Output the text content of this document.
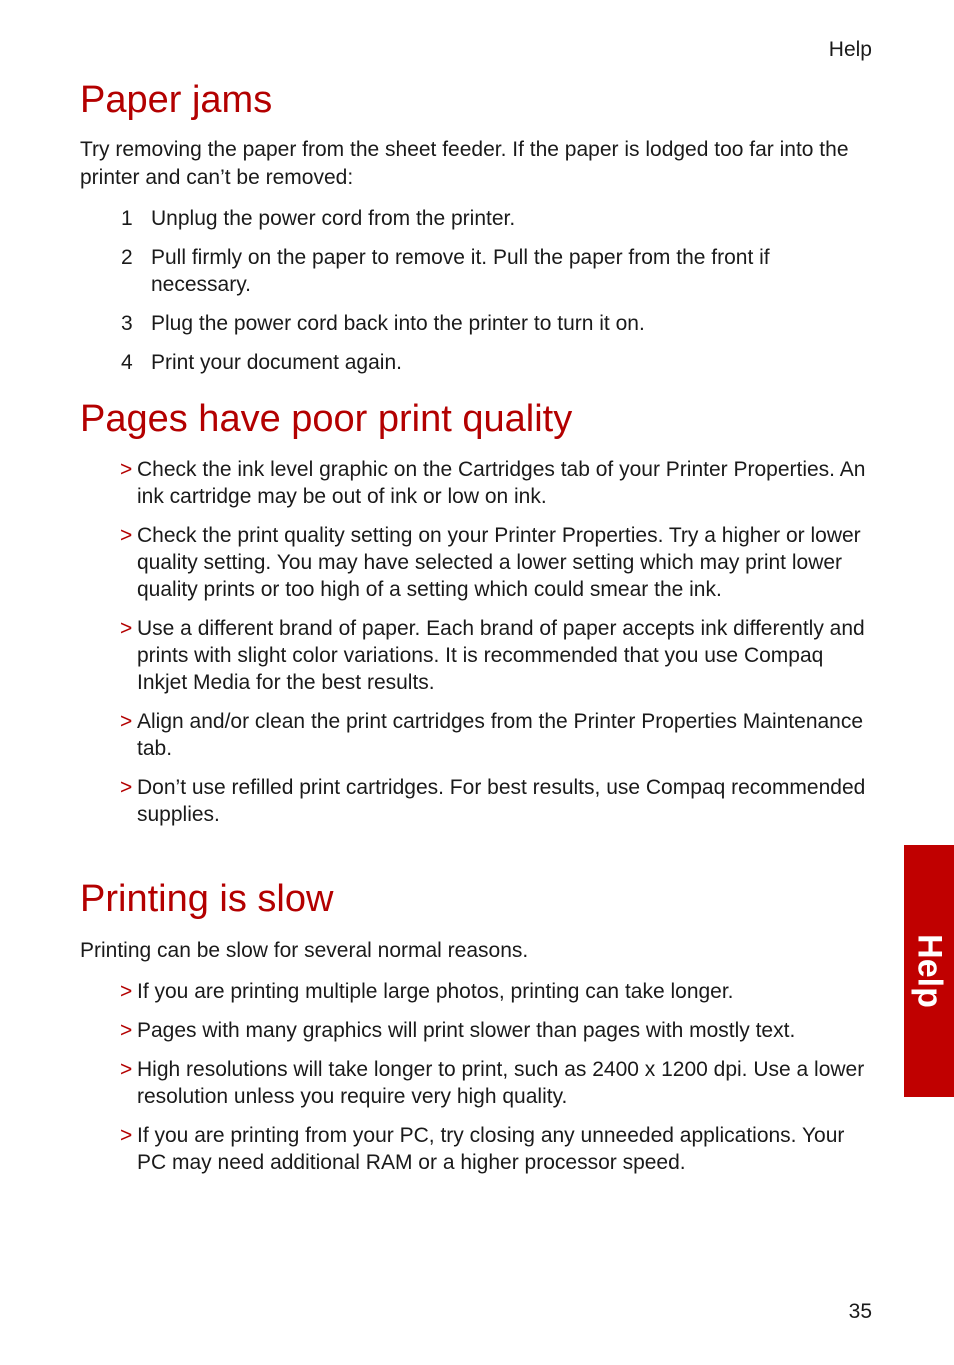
Help
Paper jams

Try removing the paper from the sheet feeder. If the paper is lodged too far into the printer and can’t be removed:

1 Unplug the power cord from the printer.
2 Pull firmly on the paper to remove it. Pull the paper from the front if necessary.
3 Plug the power cord back into the printer to turn it on.
4 Print your document again.
Pages have poor print quality
> Check the ink level graphic on the Cartridges tab of your Printer Properties. An ink cartridge may be out of ink or low on ink.
> Check the print quality setting on your Printer Properties. Try a higher or lower quality setting. You may have selected a lower setting which may print lower quality prints or too high of a setting which could smear the ink.
> Use a different brand of paper. Each brand of paper accepts ink differently and prints with slight color variations. It is recommended that you use Compaq Inkjet Media for the best results.
> Align and/or clean the print cartridges from the Printer Properties Maintenance tab.
> Don’t use refilled print cartridges. For best results, use Compaq recommended supplies.
Printing is slow

Printing can be slow for several normal reasons.

> If you are printing multiple large photos, printing can take longer.
> Pages with many graphics will print slower than pages with mostly text.
> High resolutions will take longer to print, such as 2400 x 1200 dpi. Use a lower resolution unless you require very high quality.
> If you are printing from your PC, try closing any unneeded applications. Your PC may need additional RAM or a higher processor speed.
Help
35
